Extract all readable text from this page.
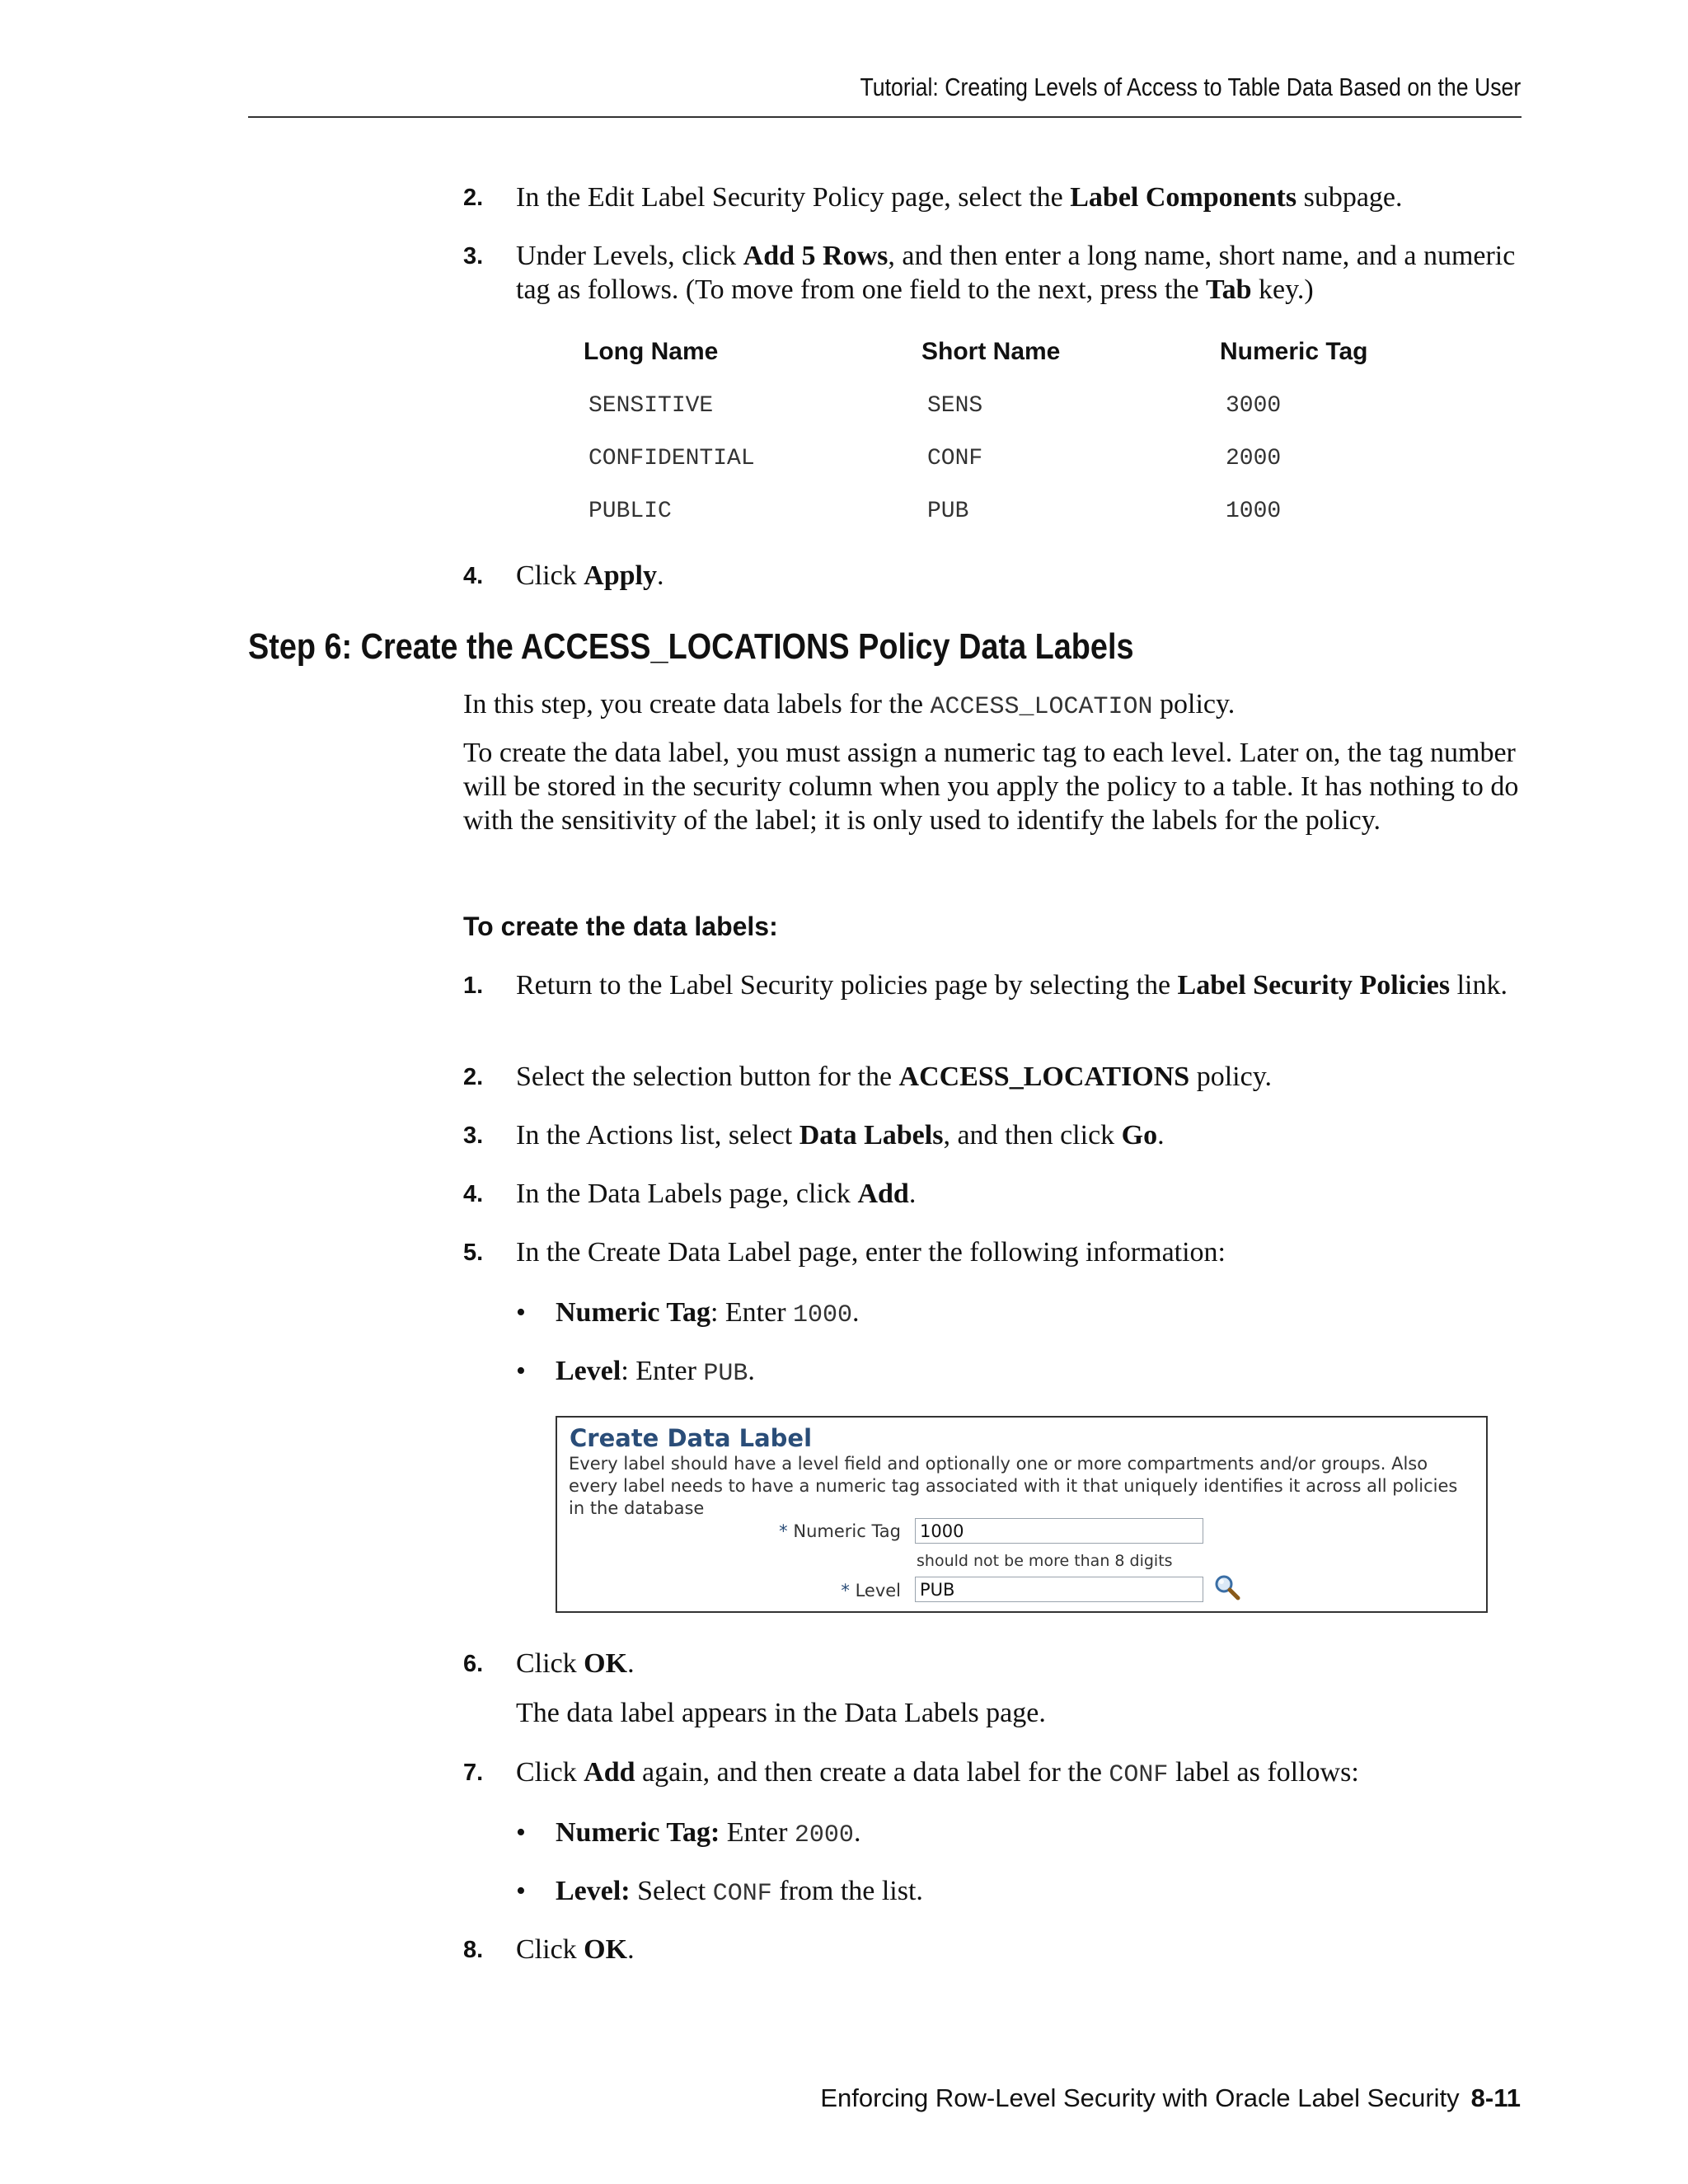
Tutorial: Creating Levels of Access to Table Data Based on the User
2. In the Edit Label Security Policy page, select the Label Components subpage.
3. Under Levels, click Add 5 Rows, and then enter a long name, short name, and a numeric tag as follows. (To move from one field to the next, press the Tab key.)
Long Name	Short Name	Numeric Tag
SENSITIVE	SENS	3000
CONFIDENTIAL	CONF	2000
PUBLIC	PUB	1000
4. Click Apply.
Step 6: Create the ACCESS_LOCATIONS Policy Data Labels
In this step, you create data labels for the ACCESS_LOCATION policy.
To create the data label, you must assign a numeric tag to each level. Later on, the tag number will be stored in the security column when you apply the policy to a table. It has nothing to do with the sensitivity of the label; it is only used to identify the labels for the policy.
To create the data labels:
1. Return to the Label Security policies page by selecting the Label Security Policies link.
2. Select the selection button for the ACCESS_LOCATIONS policy.
3. In the Actions list, select Data Labels, and then click Go.
4. In the Data Labels page, click Add.
5. In the Create Data Label page, enter the following information:
• Numeric Tag: Enter 1000.
• Level: Enter PUB.
Create Data Label
Every label should have a level field and optionally one or more compartments and/or groups. Also every label needs to have a numeric tag associated with it that uniquely identifies it across all policies in the database
* Numeric Tag 1000
should not be more than 8 digits
* Level PUB
6. Click OK.
The data label appears in the Data Labels page.
7. Click Add again, and then create a data label for the CONF label as follows:
• Numeric Tag: Enter 2000.
• Level: Select CONF from the list.
8. Click OK.
Enforcing Row-Level Security with Oracle Label Security 8-11
